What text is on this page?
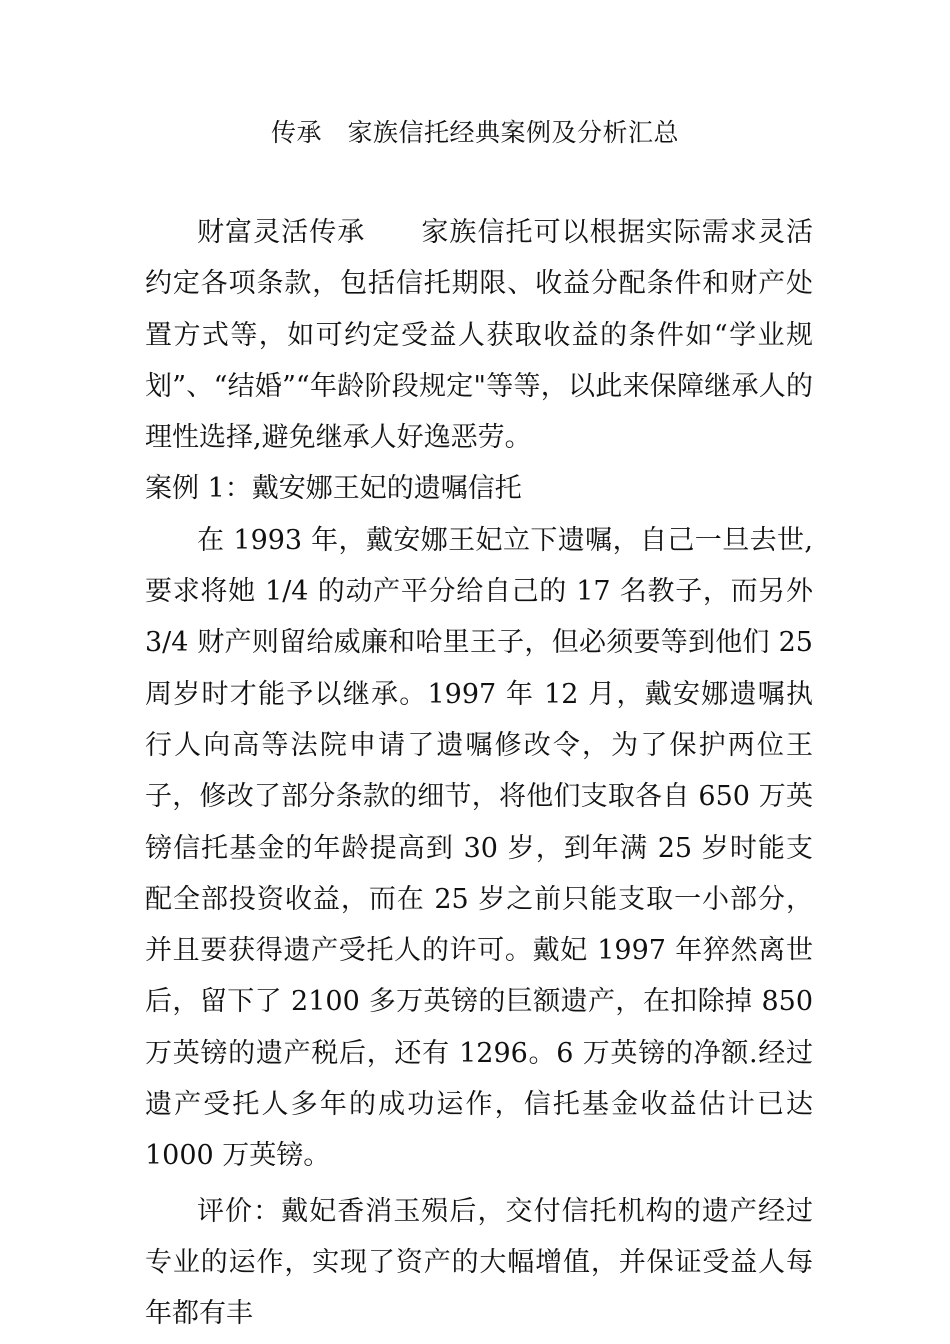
传承　家族信托经典案例及分析汇总

财富灵活传承　　家族信托可以根据实际需求灵活约定各项条款，包括信托期限、收益分配条件和财产处置方式等，如可约定受益人获取收益的条件如“学业规划”、“结婚”“年龄阶段规定"等等，以此来保障继承人的理性选择,避免继承人好逸恶劳。

案例 1：戴安娜王妃的遗嘱信托

在 1993 年，戴安娜王妃立下遗嘱，自己一旦去世,要求将她 1/4 的动产平分给自己的 17 名教子，而另外 3/4 财产则留给威廉和哈里王子，但必须要等到他们 25 周岁时才能予以继承。1997 年 12 月，戴安娜遗嘱执行人向高等法院申请了遗嘱修改令，为了保护两位王子，修改了部分条款的细节，将他们支取各自 650 万英镑信托基金的年龄提高到 30 岁，到年满 25 岁时能支配全部投资收益，而在 25 岁之前只能支取一小部分，并且要获得遗产受托人的许可。戴妃 1997 年猝然离世后，留下了 2100 多万英镑的巨额遗产，在扣除掉 850 万英镑的遗产税后，还有 1296。6 万英镑的净额.经过遗产受托人多年的成功运作，信托基金收益估计已达 1000 万英镑。

评价：戴妃香消玉殒后，交付信托机构的遗产经过专业的运作，实现了资产的大幅增值，并保证受益人每年都有丰
